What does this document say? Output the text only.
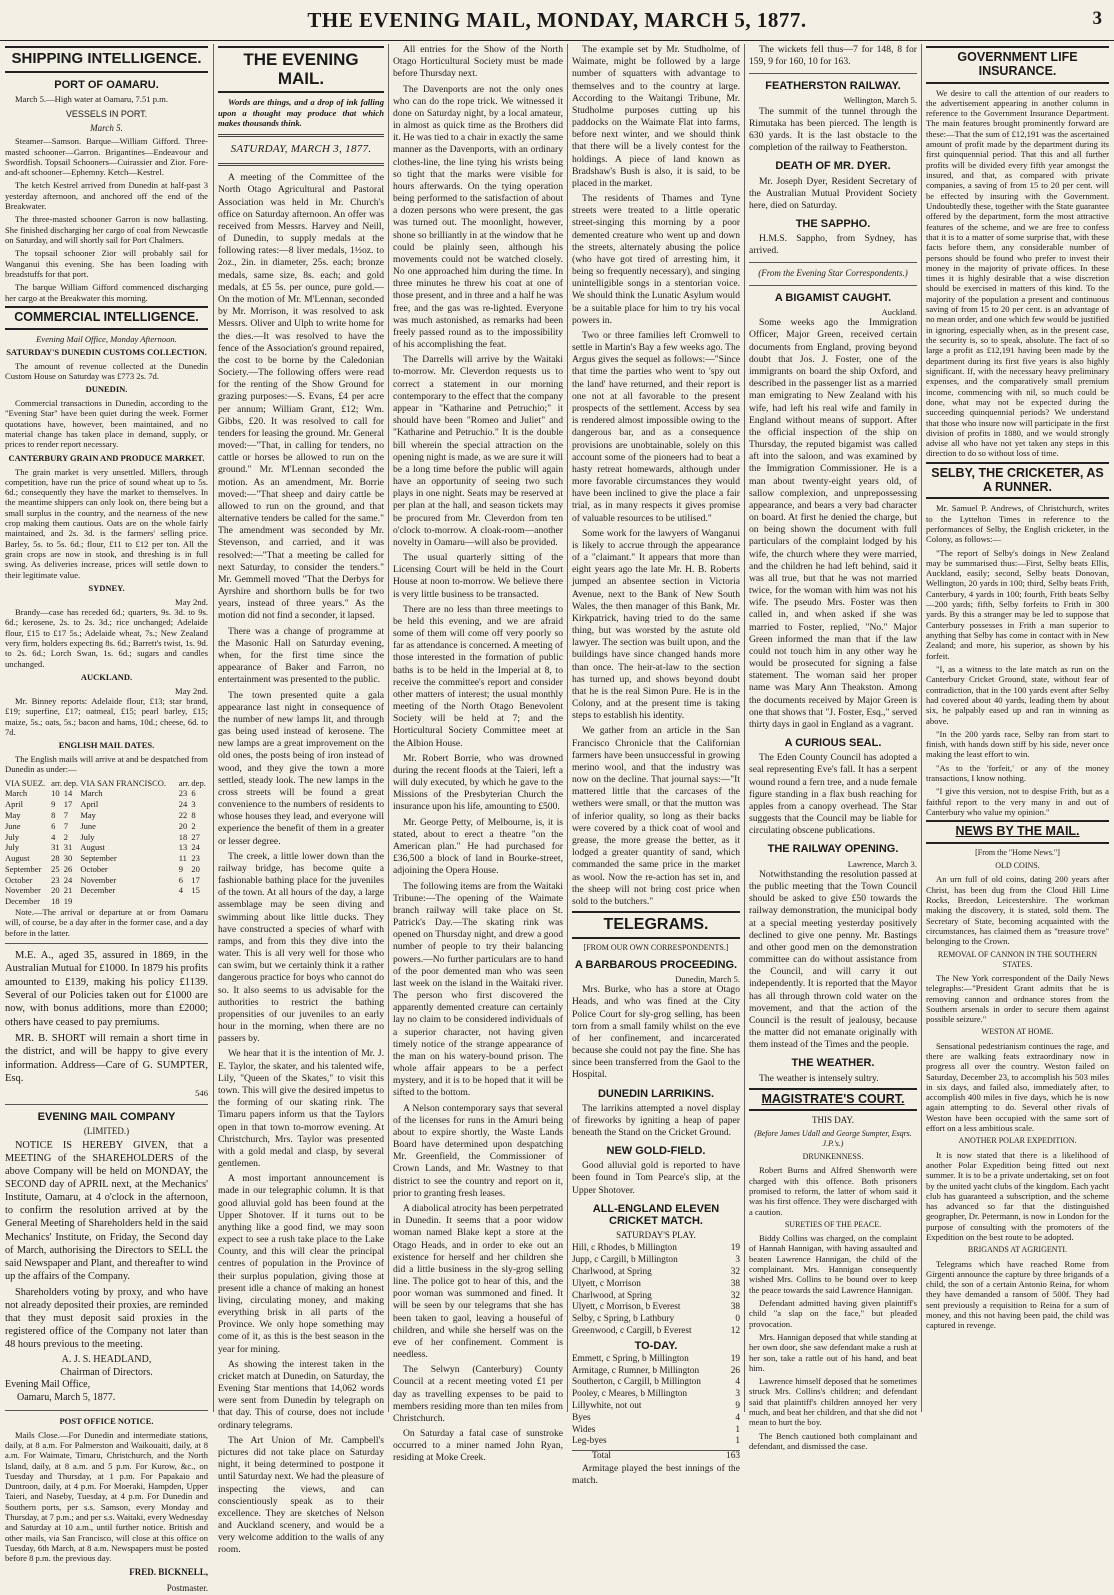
THE EVENING MAIL, MONDAY, MARCH 5, 1877.	3
SHIPPING INTELLIGENCE.
PORT OF OAMARU.

March 5.—High water at Oamaru, 7.51 p.m.

VESSELS IN PORT.
March 5.

Steamer—Samson. Barque—William Gifford. Three-masted schooner—Garron. Brigantines—Endeavour and Swordfish. Topsail Schooners—Cuirassier and Zior. Fore-and-aft schooner—Ephemny. Ketch—Kestrel.

The ketch Kestrel arrived from Dunedin at half-past 3 yesterday afternoon, and anchored off the end of the Breakwater.

The three-masted schooner Garron is now ballasting. She finished discharging her cargo of coal from Newcastle on Saturday, and will shortly sail for Port Chalmers.

The topsail schooner Zior will probably sail for Wanganui this evening. She has been loading with breadstuffs for that port.

The barque William Gifford commenced discharging her cargo at the Breakwater this morning.

COMMERCIAL INTELLIGENCE.

Evening Mail Office, Monday Afternoon.

SATURDAY'S DUNEDIN CUSTOMS COLLECTION.

The amount of revenue collected at the Dunedin Custom House on Saturday was £773 2s. 7d.

DUNEDIN.

Commercial transactions in Dunedin, according to the "Evening Star" have been quiet during the week. Former quotations have, however, been maintained, and no material change has taken place in demand, supply, or prices to render report necessary.

CANTERBURY GRAIN AND PRODUCE MARKET.

The grain market is very unsettled. Millers, through competition, have run the price of sound wheat up to 5s. 6d.; consequently they have the market to themselves. In the meantime shippers can only look on, there being but a small surplus in the country, and the nearness of the new crop making them cautious. Oats are on the whole fairly maintained, and 2s. 3d. is the farmers' selling price. Barley, 5s. to 5s. 6d.; flour, £11 to £12 per ton. All the grain crops are now in stook, and threshing is in full swing. As deliveries increase, prices will settle down to their legitimate value.

SYDNEY.
May 2nd.

Brandy—case has receded 6d.; quarters, 9s. 3d. to 9s. 6d.; kerosene, 2s. to 2s. 3d.; rice unchanged; Adelaide flour, £15 to £17 5s.; Adelaide wheat, 7s.; New Zealand very firm, holders expecting 8s. 6d.; Barrett's twist, 1s. 9d. to 2s. 6d.; Lorch Swan, 1s. 6d.; sugars and candles unchanged.

AUCKLAND.
May 2nd.

Mr. Binney reports: Adelaide flour, £13; star brand, £19; superfine, £17; oatmeal, £15; pearl barley, £15; maize, 5s.; oats, 5s.; bacon and hams, 10d.; cheese, 6d. to 7d.

ENGLISH MAIL DATES.

The English mails will arrive at and be despatched from Dunedin as under:—

VIA SUEZ.	arr.	dep.	VIA SAN FRANCISCO.	arr.	dep.
March	10	14	March	23	6
April	9	17	April	24	3
May	8	7	May	22	8
June	6	7	June	20	2
July	4	2	July	18	27
July	31	31	August	13	24
August	28	30	September	11	23
September	25	26	October	9	20
October	23	24	November	6	17
November	20	21	December	4	15
December	18	19			

Note.—The arrival or departure at or from Oamaru will, of course, be a day after in the former case, and a day before in the latter.

M.E. A., aged 35, assured in 1869, in the Australian Mutual for £1000. In 1879 his profits amounted to £139, making his policy £1139. Several of our Policies taken out for £1000 are now, with bonus additions, more than £2000; others have ceased to pay premiums.

MR. B. SHORT will remain a short time in the district, and will be happy to give every information. Address—Care of G. SUMPTER, Esq.

546
EVENING MAIL COMPANY
(LIMITED.)

NOTICE IS HEREBY GIVEN, that a MEETING of the SHAREHOLDERS of the above Company will be held on MONDAY, the SECOND day of APRIL next, at the Mechanics' Institute, Oamaru, at 4 o'clock in the afternoon, to confirm the resolution arrived at by the General Meeting of Shareholders held in the said Mechanics' Institute, on Friday, the Second day of March, authorising the Directors to SELL the said Newspaper and Plant, and thereafter to wind up the affairs of the Company.

Shareholders voting by proxy, and who have not already deposited their proxies, are reminded that they must deposit said proxies in the registered office of the Company not later than 48 hours previous to the meeting.

A. J. S. HEADLAND,
Chairman of Directors.
Evening Mail Office,
Oamaru, March 5, 1877.
POST OFFICE NOTICE.

Mails Close.—For Dunedin and intermediate stations, daily, at 8 a.m. For Palmerston and Waikouaiti, daily, at 8 a.m. For Waimate, Timaru, Christchurch, and the North Island, daily, at 8 a.m. and 5 p.m. For Kurow, &c., on Tuesday and Thursday, at 1 p.m. For Papakaio and Duntroon, daily, at 4 p.m. For Moeraki, Hampden, Upper Taieri, and Naseby, Tuesday, at 4 p.m. For Dunedin and Southern ports, per s.s. Samson, every Monday and Thursday, at 7 p.m.; and per s.s. Waitaki, every Wednesday and Saturday at 10 a.m., until further notice. British and other mails, via San Francisco, will close at this office on Tuesday, 6th March, at 8 a.m. Newspapers must be posted before 8 p.m. the previous day.

FRED. BICKNELL,
Postmaster.
THE EVENING MAIL.

Words are things, and a drop of ink falling upon a thought may produce that which makes thousands think.

SATURDAY, MARCH 3, 1877.

A meeting of the Committee of the North Otago Agricultural and Pastoral Association was held in Mr. Church's office on Saturday afternoon. An offer was received from Messrs. Harvey and Neill, of Dunedin, to supply medals at the following rates:—8 liver medals, 1½oz. to 2oz., 2in. in diameter, 25s. each; bronze medals, same size, 8s. each; and gold medals, at £5 5s. per ounce, pure gold.—On the motion of Mr. M'Lennan, seconded by Mr. Morrison, it was resolved to ask Messrs. Oliver and Ulph to write home for the dies.—It was resolved to have the fence of the Association's ground repaired, the cost to be borne by the Caledonian Society.—The following offers were read for the renting of the Show Ground for grazing purposes:—S. Evans, £4 per acre per annum; William Grant, £12; Wm. Gibbs, £20. It was resolved to call for tenders for leasing the ground. Mr. General moved:—"That, in calling for tenders, no cattle or horses be allowed to run on the ground." Mr. M'Lennan seconded the motion. As an amendment, Mr. Borrie moved:—"That sheep and dairy cattle be allowed to run on the ground, and that alternative tenders be called for the same." The amendment was seconded by Mr. Stevenson, and carried, and it was resolved:—"That a meeting be called for next Saturday, to consider the tenders." Mr. Gemmell moved "That the Derbys for Ayrshire and shorthorn bulls be for two years, instead of three years." As the motion did not find a seconder, it lapsed.

There was a change of programme at the Masonic Hall on Saturday evening, when, for the first time since the appearance of Baker and Farron, no entertainment was presented to the public.

The town presented quite a gala appearance last night in consequence of the number of new lamps lit, and through gas being used instead of kerosene. The new lamps are a great improvement on the old ones, the posts being of iron instead of wood, and they give the town a more settled, steady look. The new lamps in the cross streets will be found a great convenience to the numbers of residents to whose houses they lead, and everyone will experience the benefit of them in a greater or lesser degree.

The creek, a little lower down than the railway bridge, has become quite a fashionable bathing place for the juveniles of the town. At all hours of the day, a large assemblage may be seen diving and swimming about like little ducks. They have constructed a species of wharf with ramps, and from this they dive into the water. This is all very well for those who can swim, but we certainly think it a rather dangerous practice for boys who cannot do so. It also seems to us advisable for the authorities to restrict the bathing propensities of our juveniles to an early hour in the morning, when there are no passers by.

We hear that it is the intention of Mr. J. E. Taylor, the skater, and his talented wife, Lily, "Queen of the Skates," to visit this town. This will give the desired impetus to the forming of our skating rink. The Timaru papers inform us that the Taylors open in that town to-morrow evening. At Christchurch, Mrs. Taylor was presented with a gold medal and clasp, by several gentlemen.

A most important announcement is made in our telegraphic column. It is that good alluvial gold has been found at the Upper Shotover. If it turns out to be anything like a good find, we may soon expect to see a rush take place to the Lake County, and this will clear the principal centres of population in the Province of their surplus population, giving those at present idle a chance of making an honest living, circulating money, and making everything brisk in all parts of the Province. We only hope something may come of it, as this is the best season in the year for mining.

As showing the interest taken in the cricket match at Dunedin, on Saturday, the Evening Star mentions that 14,062 words were sent from Dunedin by telegraph on that day. This of course, does not include ordinary telegrams.

The Art Union of Mr. Campbell's pictures did not take place on Saturday night, it being determined to postpone it until Saturday next. We had the pleasure of inspecting the views, and can conscientiously speak as to their excellence. They are sketches of Nelson and Auckland scenery, and would be a very welcome addition to the walls of any room.

All entries for the Show of the North Otago Horticultural Society must be made before Thursday next.

The Davenports are not the only ones who can do the rope trick. We witnessed it done on Saturday night, by a local amateur, in almost as quick time as the Brothers did it. He was tied to a chair in exactly the same manner as the Davenports, with an ordinary clothes-line, the line tying his wrists being so tight that the marks were visible for hours afterwards. On the tying operation being performed to the satisfaction of about a dozen persons who were present, the gas was turned out. The moonlight, however, shone so brilliantly in at the window that he could be plainly seen, although his movements could not be watched closely. No one approached him during the time. In three minutes he threw his coat at one of those present, and in three and a half he was free, and the gas was re-lighted. Everyone was much astonished, as remarks had been freely passed round as to the impossibility of his accomplishing the feat.

The Darrells will arrive by the Waitaki to-morrow. Mr. Cleverdon requests us to correct a statement in our morning contemporary to the effect that the company appear in "Katharine and Petruchio;" it should have been "Romeo and Juliet" and "Katharine and Petruchio." It is the double bill wherein the special attraction on the opening night is made, as we are sure it will be a long time before the public will again have an opportunity of seeing two such plays in one night. Seats may be reserved at per plan at the hall, and season tickets may be procured from Mr. Cleverdon from ten o'clock to-morrow. A cloak-room—another novelty in Oamaru—will also be provided.

The usual quarterly sitting of the Licensing Court will be held in the Court House at noon to-morrow. We believe there is very little business to be transacted.

There are no less than three meetings to be held this evening, and we are afraid some of them will come off very poorly so far as attendance is concerned. A meeting of those interested in the formation of public baths is to be held in the Imperial at 8, to receive the committee's report and consider other matters of interest; the usual monthly meeting of the North Otago Benevolent Society will be held at 7; and the Horticultural Society Committee meet at the Albion House.

Mr. Robert Borrie, who was drowned during the recent floods at the Taieri, left a will duly executed, by which he gave to the Missions of the Presbyterian Church the insurance upon his life, amounting to £500.

Mr. George Petty, of Melbourne, is, it is stated, about to erect a theatre "on the American plan." He had purchased for £36,500 a block of land in Bourke-street, adjoining the Opera House.

The following items are from the Waitaki Tribune:—The opening of the Waimate branch railway will take place on St. Patrick's Day.—The skating rink was opened on Thursday night, and drew a good number of people to try their balancing powers.—No further particulars are to hand of the poor demented man who was seen last week on the island in the Waitaki river. The person who first discovered the apparently demented creature can certainly lay no claim to be considered individuals of a superior character, not having given timely notice of the strange appearance of the man on his watery-bound prison. The whole affair appears to be a perfect mystery, and it is to be hoped that it will be sifted to the bottom.

A Nelson contemporary says that several of the licenses for runs in the Amuri being about to expire shortly, the Waste Lands Board have determined upon despatching Mr. Greenfield, the Commissioner of Crown Lands, and Mr. Wastney to that district to see the country and report on it, prior to granting fresh leases.

A diabolical atrocity has been perpetrated in Dunedin. It seems that a poor widow woman named Blake kept a store at the Otago Heads, and in order to eke out an existence for herself and her children she did a little business in the sly-grog selling line. The police got to hear of this, and the poor woman was summoned and fined. It will be seen by our telegrams that she has been taken to gaol, leaving a houseful of children, and while she herself was on the eve of her confinement. Comment is needless.

The Selwyn (Canterbury) County Council at a recent meeting voted £1 per day as travelling expenses to be paid to members residing more than ten miles from Christchurch.

On Saturday a fatal case of sunstroke occurred to a miner named John Ryan, residing at Moke Creek.

The example set by Mr. Studholme, of Waimate, might be followed by a large number of squatters with advantage to themselves and to the country at large. According to the Waitangi Tribune, Mr. Studholme purposes cutting up his paddocks on the Waimate Flat into farms, before next winter, and we should think that there will be a lively contest for the holdings. A piece of land known as Bradshaw's Bush is also, it is said, to be placed in the market.

The residents of Thames and Tyne streets were treated to a little operatic street-singing this morning by a poor demented creature who went up and down the streets, alternately abusing the police (who have got tired of arresting him, it being so frequently necessary), and singing unintelligible songs in a stentorian voice. We should think the Lunatic Asylum would be a suitable place for him to try his vocal powers in.

Two or three families left Cromwell to settle in Martin's Bay a few weeks ago. The Argus gives the sequel as follows:—"Since that time the parties who went to 'spy out the land' have returned, and their report is one not at all favorable to the present prospects of the settlement. Access by sea is rendered almost impossible owing to the dangerous bar, and as a consequence provisions are unobtainable, solely on this account some of the pioneers had to beat a hasty retreat homewards, although under more favorable circumstances they would have been inclined to give the place a fair trial, as in many respects it gives promise of valuable resources to be utilised."

Some work for the lawyers of Wanganui is likely to accrue through the appearance of a "claimant." It appears that more than eight years ago the late Mr. H. B. Roberts jumped an absentee section in Victoria Avenue, next to the Bank of New South Wales, the then manager of this Bank, Mr. Kirkpatrick, having tried to do the same thing, but was worsted by the astute old lawyer. The section was built upon, and the buildings have since changed hands more than once. The heir-at-law to the section has turned up, and shows beyond doubt that he is the real Simon Pure. He is in the Colony, and at the present time is taking steps to establish his identity.

We gather from an article in the San Francisco Chronicle that the Californian farmers have been unsuccessful in growing merino wool, and that the industry was now on the decline. That journal says:—"It mattered little that the carcases of the wethers were small, or that the mutton was of inferior quality, so long as their backs were covered by a thick coat of wool and grease, the more grease the better, as it lodged a greater quantity of sand, which commanded the same price in the market as wool. Now the re-action has set in, and the sheep will not bring cost price when sold to the butchers."

TELEGRAMS.
[FROM OUR OWN CORRESPONDENTS.]
A BARBAROUS PROCEEDING.
Dunedin, March 5.

Mrs. Burke, who has a store at Otago Heads, and who was fined at the City Police Court for sly-grog selling, has been torn from a small family whilst on the eve of her confinement, and incarcerated because she could not pay the fine. She has since been transferred from the Gaol to the Hospital.

DUNEDIN LARRIKINS.

The larrikins attempted a novel display of fireworks by igniting a heap of paper beneath the Stand on the Cricket Ground.

NEW GOLD-FIELD.

Good alluvial gold is reported to have been found in Tom Pearce's slip, at the Upper Shotover.

ALL-ENGLAND ELEVEN CRICKET MATCH.
SATURDAY'S PLAY.
Hill, c Rhodes, b Millington	19
Jupp, c Cargill, b Millington	3
Charlwood, at Spring	32
Ulyett, c Morrison	38
Charlwood, at Spring	32
Ulyett, c Morrison, b Everest	38
Selby, c Spring, b Lathbury	0
Greenwood, c Cargill, b Everest	12
TO-DAY.
Emmett, c Spring, b Millington	19
Armitage, c Rumner, b Millington	26
Southerton, c Cargill, b Millington	4
Pooley, c Meares, b Millington	3
Lillywhite, not out	9
Byes	4
Wides	1
Leg-byes	1
Total	163

Armitage played the best innings of the match.

The wickets fell thus—7 for 148, 8 for 159, 9 for 160, 10 for 163.

FEATHERSTON RAILWAY.
Wellington, March 5.

The summit of the tunnel through the Rimutaka has been pierced. The length is 630 yards. It is the last obstacle to the completion of the railway to Featherston.

DEATH OF MR. DYER.

Mr. Joseph Dyer, Resident Secretary of the Australian Mutual Provident Society here, died on Saturday.

THE SAPPHO.

H.M.S. Sappho, from Sydney, has arrived.

(From the Evening Star Correspondents.)
A BIGAMIST CAUGHT.
Auckland.

Some weeks ago the Immigration Officer, Major Green, received certain documents from England, proving beyond doubt that Jos. J. Foster, one of the immigrants on board the ship Oxford, and described in the passenger list as a married man emigrating to New Zealand with his wife, had left his real wife and family in England without means of support. After the official inspection of the ship on Thursday, the reputed bigamist was called aft into the saloon, and was examined by the Immigration Commissioner. He is a man about twenty-eight years old, of sallow complexion, and unprepossessing appearance, and bears a very bad character on board. At first he denied the charge, but on being shown the document with full particulars of the complaint lodged by his wife, the church where they were married, and the children he had left behind, said it was all true, but that he was not married twice, for the woman with him was not his wife. The pseudo Mrs. Foster was then called in, and when asked if she was married to Foster, replied, "No." Major Green informed the man that if the law could not touch him in any other way he would be prosecuted for signing a false statement. The woman said her proper name was Mary Ann Theakston. Among the documents received by Major Green is one that shows that "J. Foster, Esq.," served thirty days in gaol in England as a vagrant.

A CURIOUS SEAL.

The Eden County Council has adopted a seal representing Eve's fall. It has a serpent wound round a fern tree, and a nude female figure standing in a flax bush reaching for apples from a canopy overhead. The Star suggests that the Council may be liable for circulating obscene publications.

THE RAILWAY OPENING.
Lawrence, March 3.

Notwithstanding the resolution passed at the public meeting that the Town Council should be asked to give £50 towards the railway demonstration, the municipal body at a special meeting yesterday positively declined to give one penny. Mr. Bastings and other good men on the demonstration committee can do without assistance from the Council, and will carry it out independently. It is reported that the Mayor has all through thrown cold water on the movement, and that the action of the Council is the result of jealousy, because the matter did not emanate originally with them instead of the Times and the people.

THE WEATHER.

The weather is intensely sultry.

MAGISTRATE'S COURT.
THIS DAY.
(Before James Udall and George Sumpter, Esqrs. J.P.'s.)
DRUNKENNESS.

Robert Burns and Alfred Shenworth were charged with this offence. Both prisoners promised to reform, the latter of whom said it was his first offence. They were discharged with a caution.

SURETIES OF THE PEACE.

Biddy Collins was charged, on the complaint of Hannah Hannigan, with having assaulted and beaten Lawrence Hannigan, the child of the complainant. Mrs. Hannigan consequently wished Mrs. Collins to be bound over to keep the peace towards the said Lawrence Hannigan.

Defendant admitted having given plaintiff's child "a slap on the face," but pleaded provocation.

Mrs. Hannigan deposed that while standing at her own door, she saw defendant make a rush at her son, take a rattle out of his hand, and beat him.

Lawrence himself deposed that he sometimes struck Mrs. Collins's children; and defendant said that plaintiff's children annoyed her very much, and beat her children, and that she did not mean to hurt the boy.

The Bench cautioned both complainant and defendant, and dismissed the case.

GOVERNMENT LIFE INSURANCE.

We desire to call the attention of our readers to the advertisement appearing in another column in reference to the Government Insurance Department. The main features brought prominently forward are these:—That the sum of £12,191 was the ascertained amount of profit made by the department during its first quinquennial period. That this and all further profits will be divided every fifth year amongst the insured, and that, as compared with private companies, a saving of from 15 to 20 per cent. will be effected by insuring with the Government. Undoubtedly these, together with the State guarantee offered by the department, form the most attractive features of the scheme, and we are free to confess that it is to a matter of some surprise that, with these facts before them, any considerable number of persons should be found who prefer to invest their money in the majority of private offices. In these times it is highly desirable that a wise discretion should be exercised in matters of this kind. To the majority of the population a present and continuous saving of from 15 to 20 per cent. is an advantage of no mean order, and one which few would be justified in ignoring, especially when, as in the present case, the security is, so to speak, absolute. The fact of so large a profit as £12,191 having been made by the department during its first five years is also highly significant. If, with the necessary heavy preliminary expenses, and the comparatively small premium income, commencing with nil, so much could be done, what may not be expected during the succeeding quinquennial periods? We understand that those who insure now will participate in the first division of profits in 1880, and we would strongly advise all who have not yet taken any steps in this direction to do so without loss of time.

SELBY, THE CRICKETER, AS A RUNNER.

Mr. Samuel P. Andrews, of Christchurch, writes to the Lyttelton Times in reference to the performances of Selby, the English cricketer, in the Colony, as follows:—

"The report of Selby's doings in New Zealand may be summarised thus:—First, Selby beats Ellis, Auckland, easily; second, Selby beats Donovan, Wellington, 20 yards in 100; third, Selby beats Frith, Canterbury, 4 yards in 100; fourth, Frith beats Selby—200 yards; fifth, Selby forfeits to Frith in 300 yards. By this a stranger may be led to suppose that Canterbury possesses in Frith a man superior to anything that Selby has come in contact with in New Zealand; and more, his superior, as shown by his forfeit.

"I, as a witness to the late match as run on the Canterbury Cricket Ground, state, without fear of contradiction, that in the 100 yards event after Selby had covered about 40 yards, leading them by about six, he palpably eased up and ran in winning as above.

"In the 200 yards race, Selby ran from start to finish, with hands down stiff by his side, never once making the least effort to win.

"As to the 'forfeit,' or any of the money transactions, I know nothing.

"I give this version, not to despise Frith, but as a faithful report to the very many in and out of Canterbury who value my opinion."

NEWS BY THE MAIL.
[From the "Home News."]
OLD COINS.

An urn full of old coins, dating 200 years after Christ, has been dug from the Cloud Hill Lime Rocks, Breedon, Leicestershire. The workman making the discovery, it is stated, sold them. The Secretary of State, becoming acquainted with the circumstances, has claimed them as "treasure trove" belonging to the Crown.

REMOVAL OF CANNON IN THE SOUTHERN STATES.

The New York correspondent of the Daily News telegraphs:—"President Grant admits that he is removing cannon and ordnance stores from the Southern arsenals in order to secure them against possible seizure."

WESTON AT HOME.

Sensational pedestrianism continues the rage, and there are walking feats extraordinary now in progress all over the country. Weston failed on Saturday, December 23, to accomplish his 503 miles in six days, and failed also, immediately after, to accomplish 400 miles in five days, which he is now again attempting to do. Several other rivals of Weston have been occupied with the same sort of effort on a less ambitious scale.

ANOTHER POLAR EXPEDITION.

It is now stated that there is a likelihood of another Polar Expedition being fitted out next summer. It is to be a private undertaking, set on foot by the united yacht clubs of the kingdom. Each yacht club has guaranteed a subscription, and the scheme has advanced so far that the distinguished geographer, Dr. Petermann, is now in London for the purpose of consulting with the promoters of the Expedition on the best route to be adopted.

BRIGANDS AT AGRIGENTI.

Telegrams which have reached Rome from Girgenti announce the capture by three brigands of a child, the son of a certain Antonio Reina, for whom they have demanded a ransom of 500f. They had sent previously a requisition to Reina for a sum of money, and this not having been paid, the child was captured in revenge.
